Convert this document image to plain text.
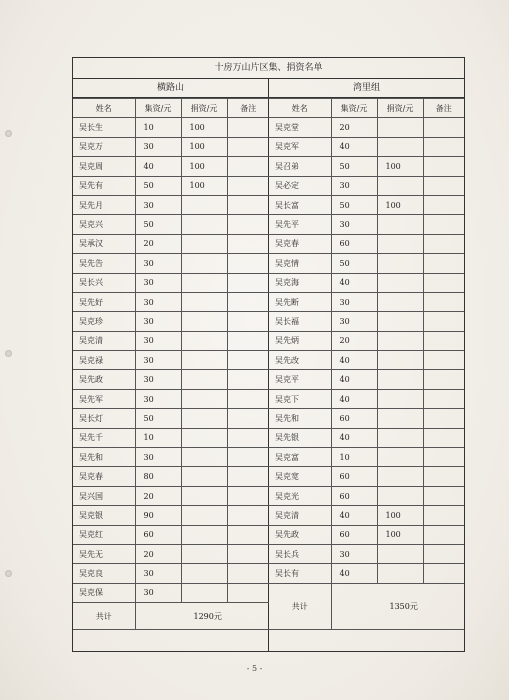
十房万山片区集、捐资名单
横路山
姓名	集资/元	捐资/元	备注
吴长生	10	100	
吴克万	30	100	
吴克周	40	100	
吴先有	50	100	
吴先月	30		
吴克兴	50		
吴承汉	20		
吴先告	30		
吴长兴	30		
吴先好	30		
吴克珍	30		
吴克清	30		
吴克禄	30		
吴先政	30		
吴先军	30		
吴长灯	50		
吴先千	10		
吴先和	30		
吴克春	80		
吴兴国	20		
吴克银	90		
吴克红	60		
吴先无	20		
吴克良	30		
吴克保	30		
共计	1290元		
湾里组
姓名	集资/元	捐资/元	备注
吴克堂	20		
吴克军	40		
吴召弟	50	100	
吴必定	30		
吴长富	50	100	
吴先平	30		
吴克春	60		
吴克情	50		
吴克海	40		
吴先断	30		
吴长福	30		
吴先炳	20		
吴先改	40		
吴克平	40		
吴克下	40		
吴先和	60		
吴先银	40		
吴克富	10		
吴克宽	60		
吴克光	60		
吴克清	40	100	
吴先政	60	100	
吴长兵	30		
吴长有	40		
共计	1350元		
- 5 -
